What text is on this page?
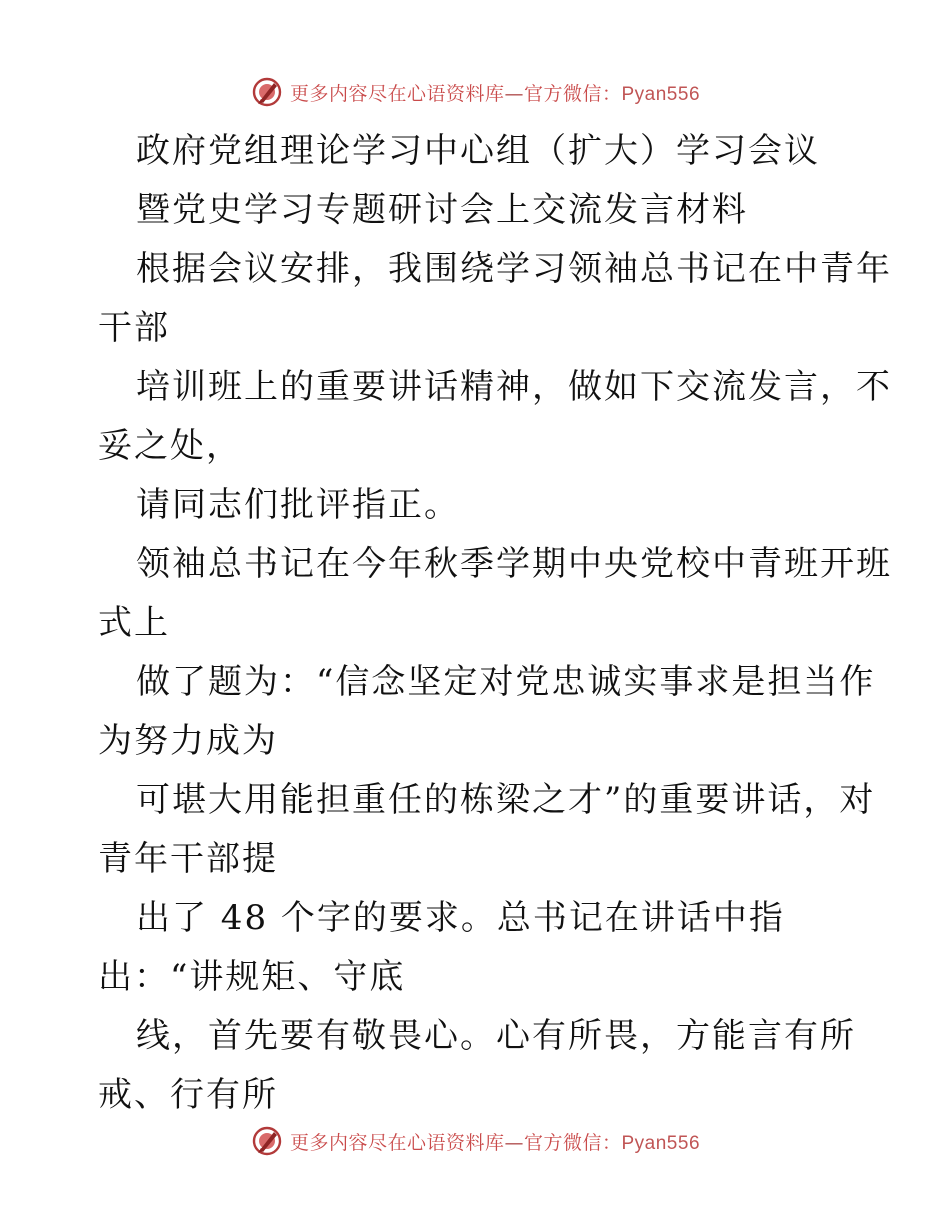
更多内容尽在心语资料库—官方微信：Pyan556
政府党组理论学习中心组（扩大）学习会议
暨党史学习专题研讨会上交流发言材料
根据会议安排，我围绕学习领袖总书记在中青年
干部
培训班上的重要讲话精神，做如下交流发言，不
妥之处，
请同志们批评指正。
领袖总书记在今年秋季学期中央党校中青班开班
式上
做了题为：“信念坚定对党忠诚实事求是担当作
为努力成为
可堪大用能担重任的栋梁之才”的重要讲话，对
青年干部提
出了 48 个字的要求。总书记在讲话中指
出：“讲规矩、守底
线，首先要有敬畏心。心有所畏，方能言有所
戒、行有所
更多内容尽在心语资料库—官方微信：Pyan556
